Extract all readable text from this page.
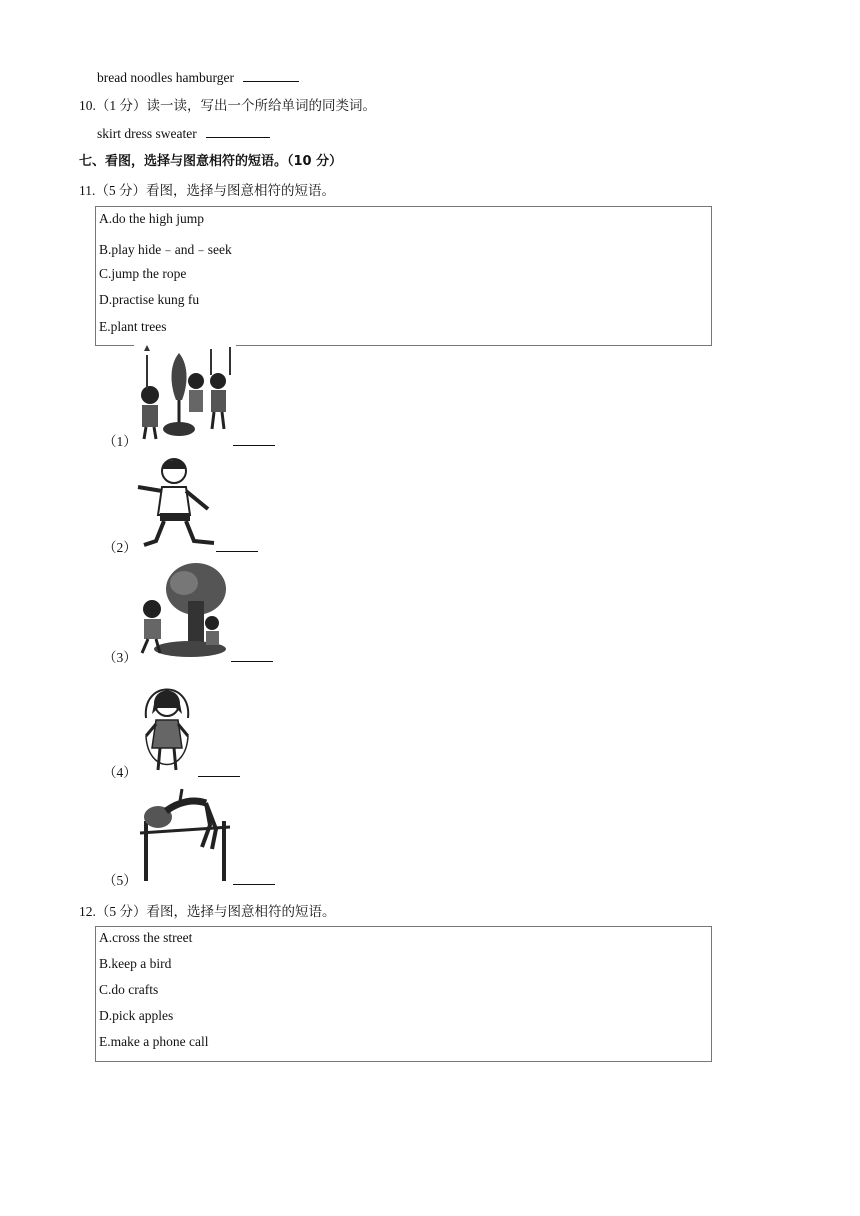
bread noodles hamburger
10.（1 分）读一读，写出一个所给单词的同类词。
skirt dress sweater
七、看图，选择与图意相符的短语。（10 分）
11.（5 分）看图，选择与图意相符的短语。
A.do the high jump
B.play hide﹣and﹣seek
C.jump the rope
D.practise kung fu
E.plant trees
（1）
（2）
（3）
（4）
（5）
12.（5 分）看图，选择与图意相符的短语。
A.cross the street
B.keep a bird
C.do crafts
D.pick apples
E.make a phone call
